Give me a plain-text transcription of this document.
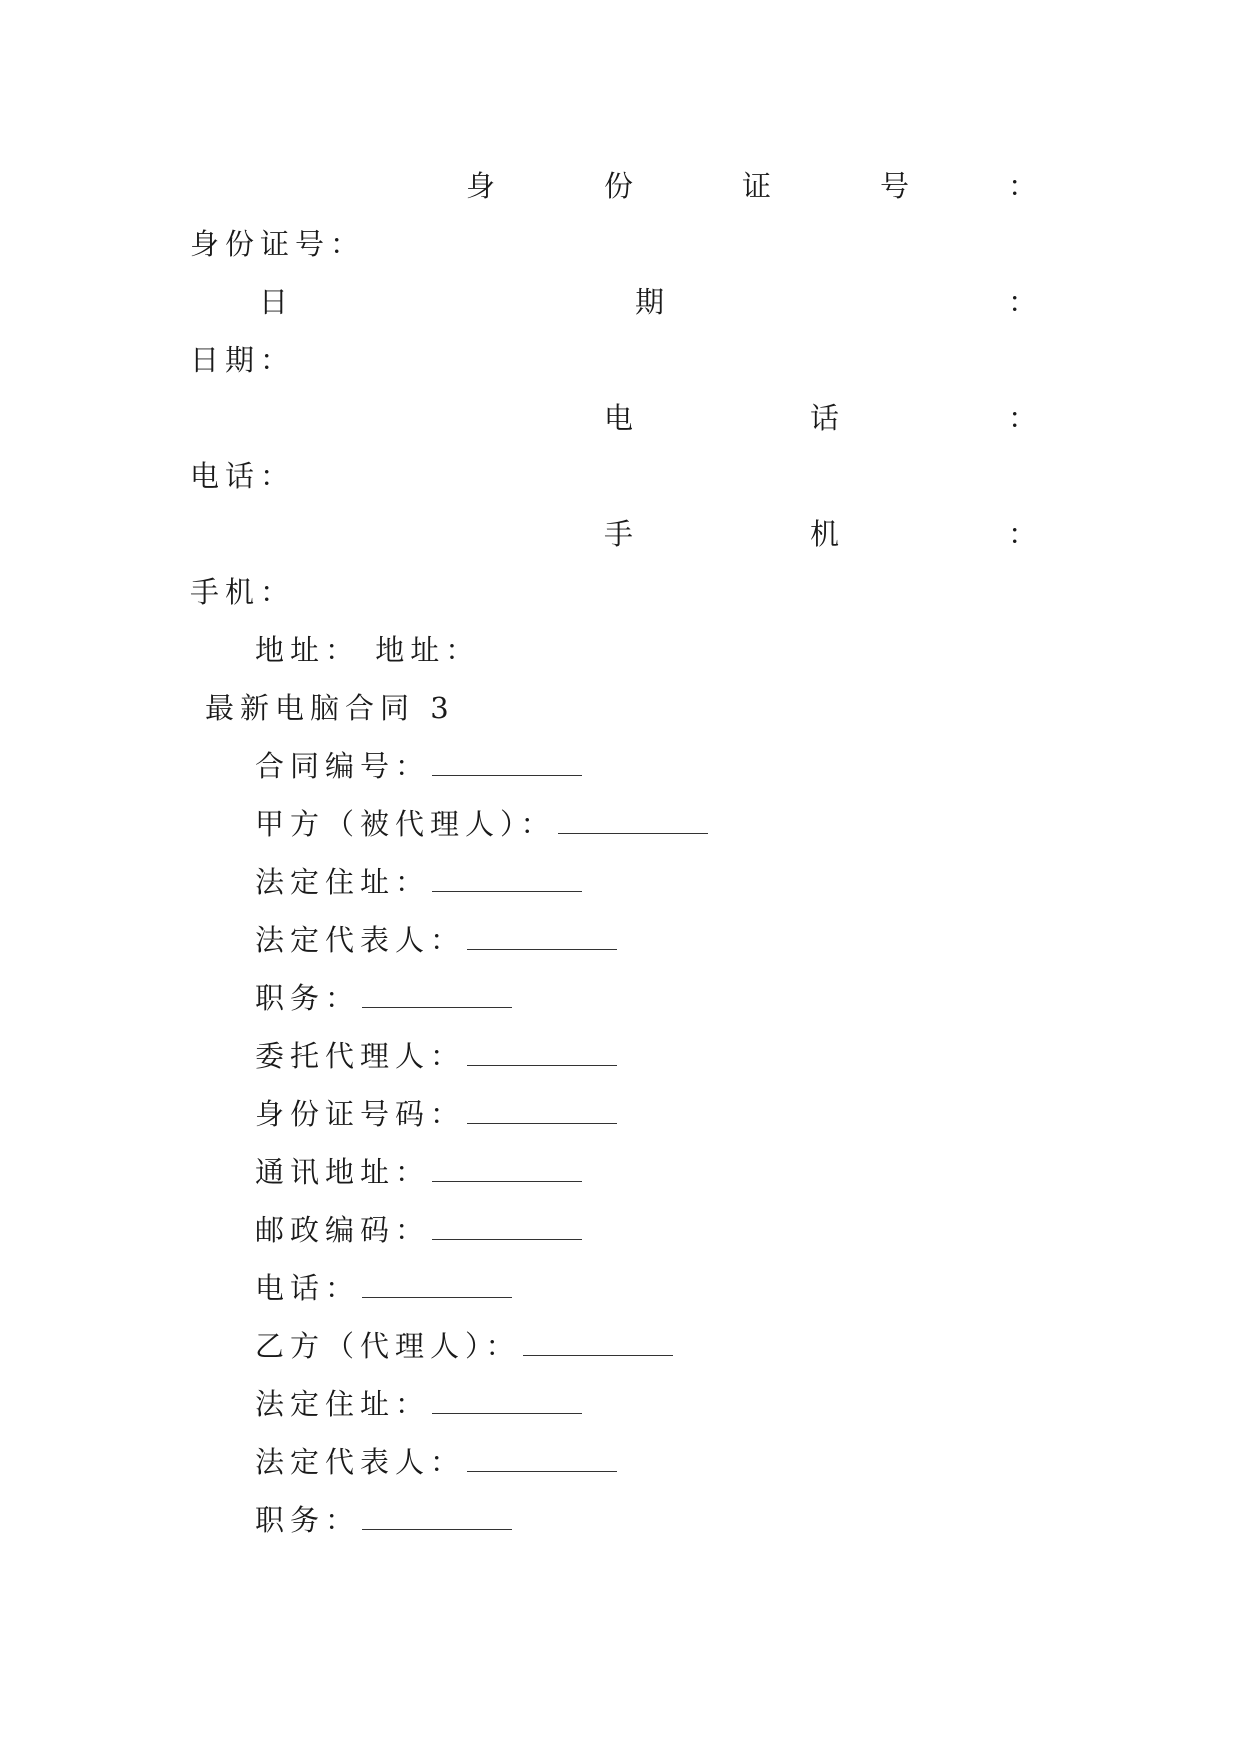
身	份	证	号	：
身份证号：
日	期	：
日期：
电	话	：
电话：
手	机	：
手机：
地址： 地址：
最新电脑合同 3
合同编号：
甲方（被代理人）：
法定住址：
法定代表人：
职务：
委托代理人：
身份证号码：
通讯地址：
邮政编码：
电话：
乙方（代理人）：
法定住址：
法定代表人：
职务：
